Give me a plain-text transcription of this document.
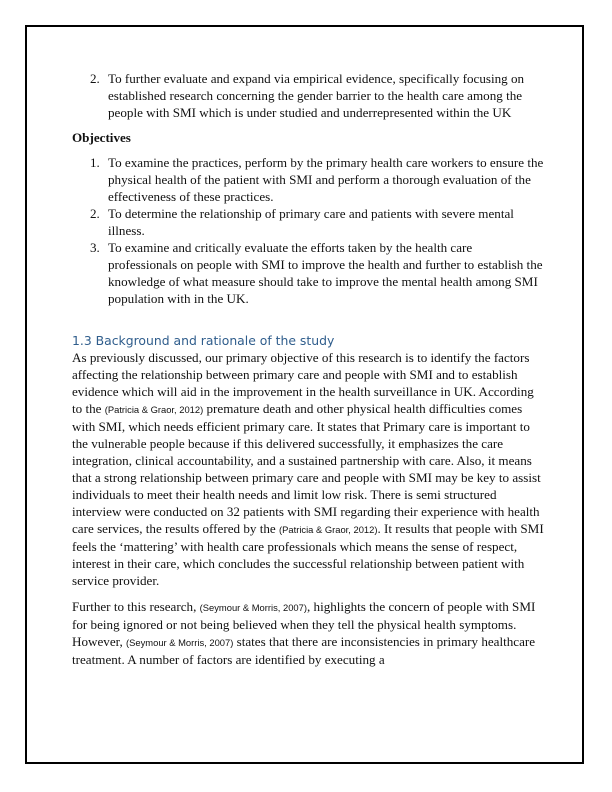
2. To further evaluate and expand via empirical evidence, specifically focusing on established research concerning the gender barrier to the health care among the people with SMI which is under studied and underrepresented within the UK
Objectives
1. To examine the practices, perform by the primary health care workers to ensure the physical health of the patient with SMI and perform a thorough evaluation of the effectiveness of these practices.
2. To determine the relationship of primary care and patients with severe mental illness.
3. To examine and critically evaluate the efforts taken by the health care professionals on people with SMI to improve the health and further to establish the knowledge of what measure should take to improve the mental health among SMI population with in the UK.
1.3 Background and rationale of the study

As previously discussed, our primary objective of this research is to identify the factors affecting the relationship between primary care and people with SMI and to establish evidence which will aid in the improvement in the health surveillance in UK. According to the (Patricia & Graor, 2012) premature death and other physical health difficulties comes with SMI, which needs efficient primary care. It states that Primary care is important to the vulnerable people because if this delivered successfully, it emphasizes the care integration, clinical accountability, and a sustained partnership with care. Also, it means that a strong relationship between primary care and people with SMI may be key to assist individuals to meet their health needs and limit low risk. There is semi structured interview were conducted on 32 patients with SMI regarding their experience with health care services, the results offered by the (Patricia & Graor, 2012). It results that people with SMI feels the ‘mattering’ with health care professionals which means the sense of respect, interest in their care, which concludes the successful relationship between patient with service provider.

Further to this research, (Seymour & Morris, 2007), highlights the concern of people with SMI for being ignored or not being believed when they tell the physical health symptoms. However, (Seymour & Morris, 2007) states that there are inconsistencies in primary healthcare treatment. A number of factors are identified by executing a
